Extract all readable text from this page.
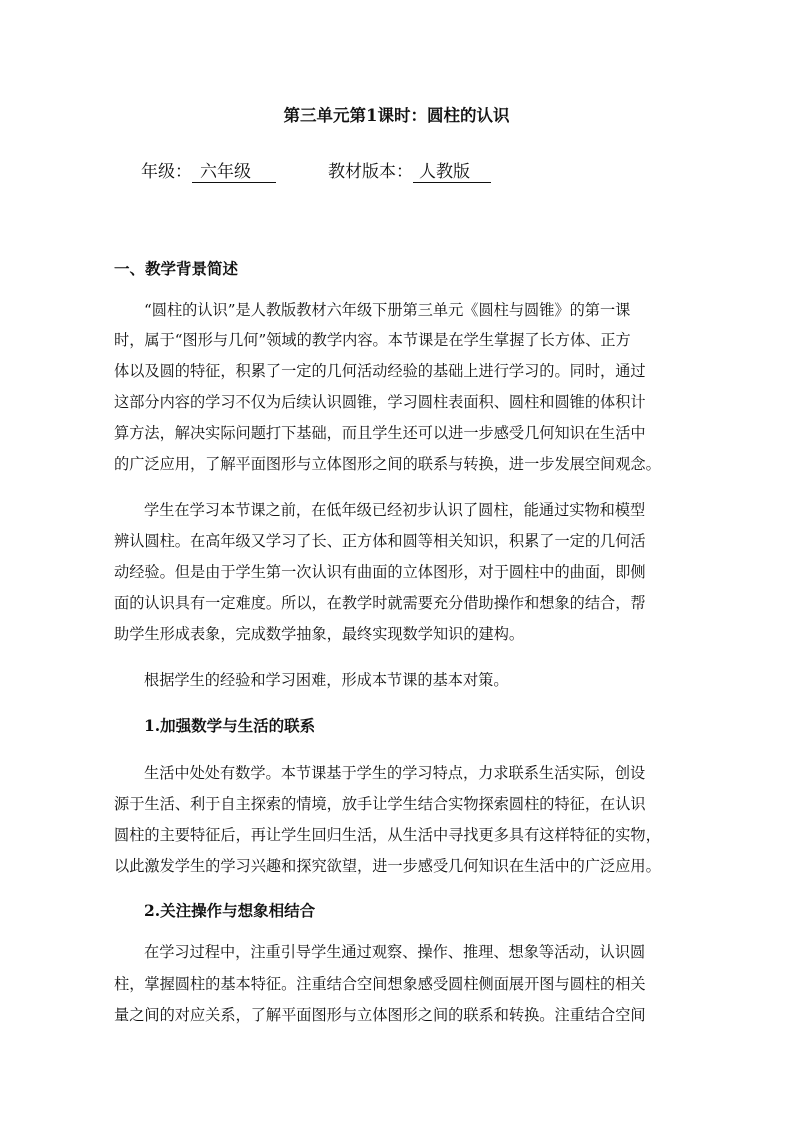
第三单元第1课时：圆柱的认识
年级： 六年级	教材版本： 人教版
一、教学背景简述
“圆柱的认识”是人教版教材六年级下册第三单元《圆柱与圆锥》的第一课
时，属于“图形与几何”领域的教学内容。本节课是在学生掌握了长方体、正方
体以及圆的特征，积累了一定的几何活动经验的基础上进行学习的。同时，通过
这部分内容的学习不仅为后续认识圆锥，学习圆柱表面积、圆柱和圆锥的体积计
算方法，解决实际问题打下基础，而且学生还可以进一步感受几何知识在生活中
的广泛应用，了解平面图形与立体图形之间的联系与转换，进一步发展空间观念。
学生在学习本节课之前，在低年级已经初步认识了圆柱，能通过实物和模型
辨认圆柱。在高年级又学习了长、正方体和圆等相关知识，积累了一定的几何活
动经验。但是由于学生第一次认识有曲面的立体图形，对于圆柱中的曲面，即侧
面的认识具有一定难度。所以，在教学时就需要充分借助操作和想象的结合，帮
助学生形成表象，完成数学抽象，最终实现数学知识的建构。
根据学生的经验和学习困难，形成本节课的基本对策。
1.加强数学与生活的联系
生活中处处有数学。本节课基于学生的学习特点，力求联系生活实际，创设
源于生活、利于自主探索的情境，放手让学生结合实物探索圆柱的特征，在认识
圆柱的主要特征后，再让学生回归生活，从生活中寻找更多具有这样特征的实物，
以此激发学生的学习兴趣和探究欲望，进一步感受几何知识在生活中的广泛应用。
2.关注操作与想象相结合
在学习过程中，注重引导学生通过观察、操作、推理、想象等活动，认识圆
柱，掌握圆柱的基本特征。注重结合空间想象感受圆柱侧面展开图与圆柱的相关
量之间的对应关系，了解平面图形与立体图形之间的联系和转换。注重结合空间
